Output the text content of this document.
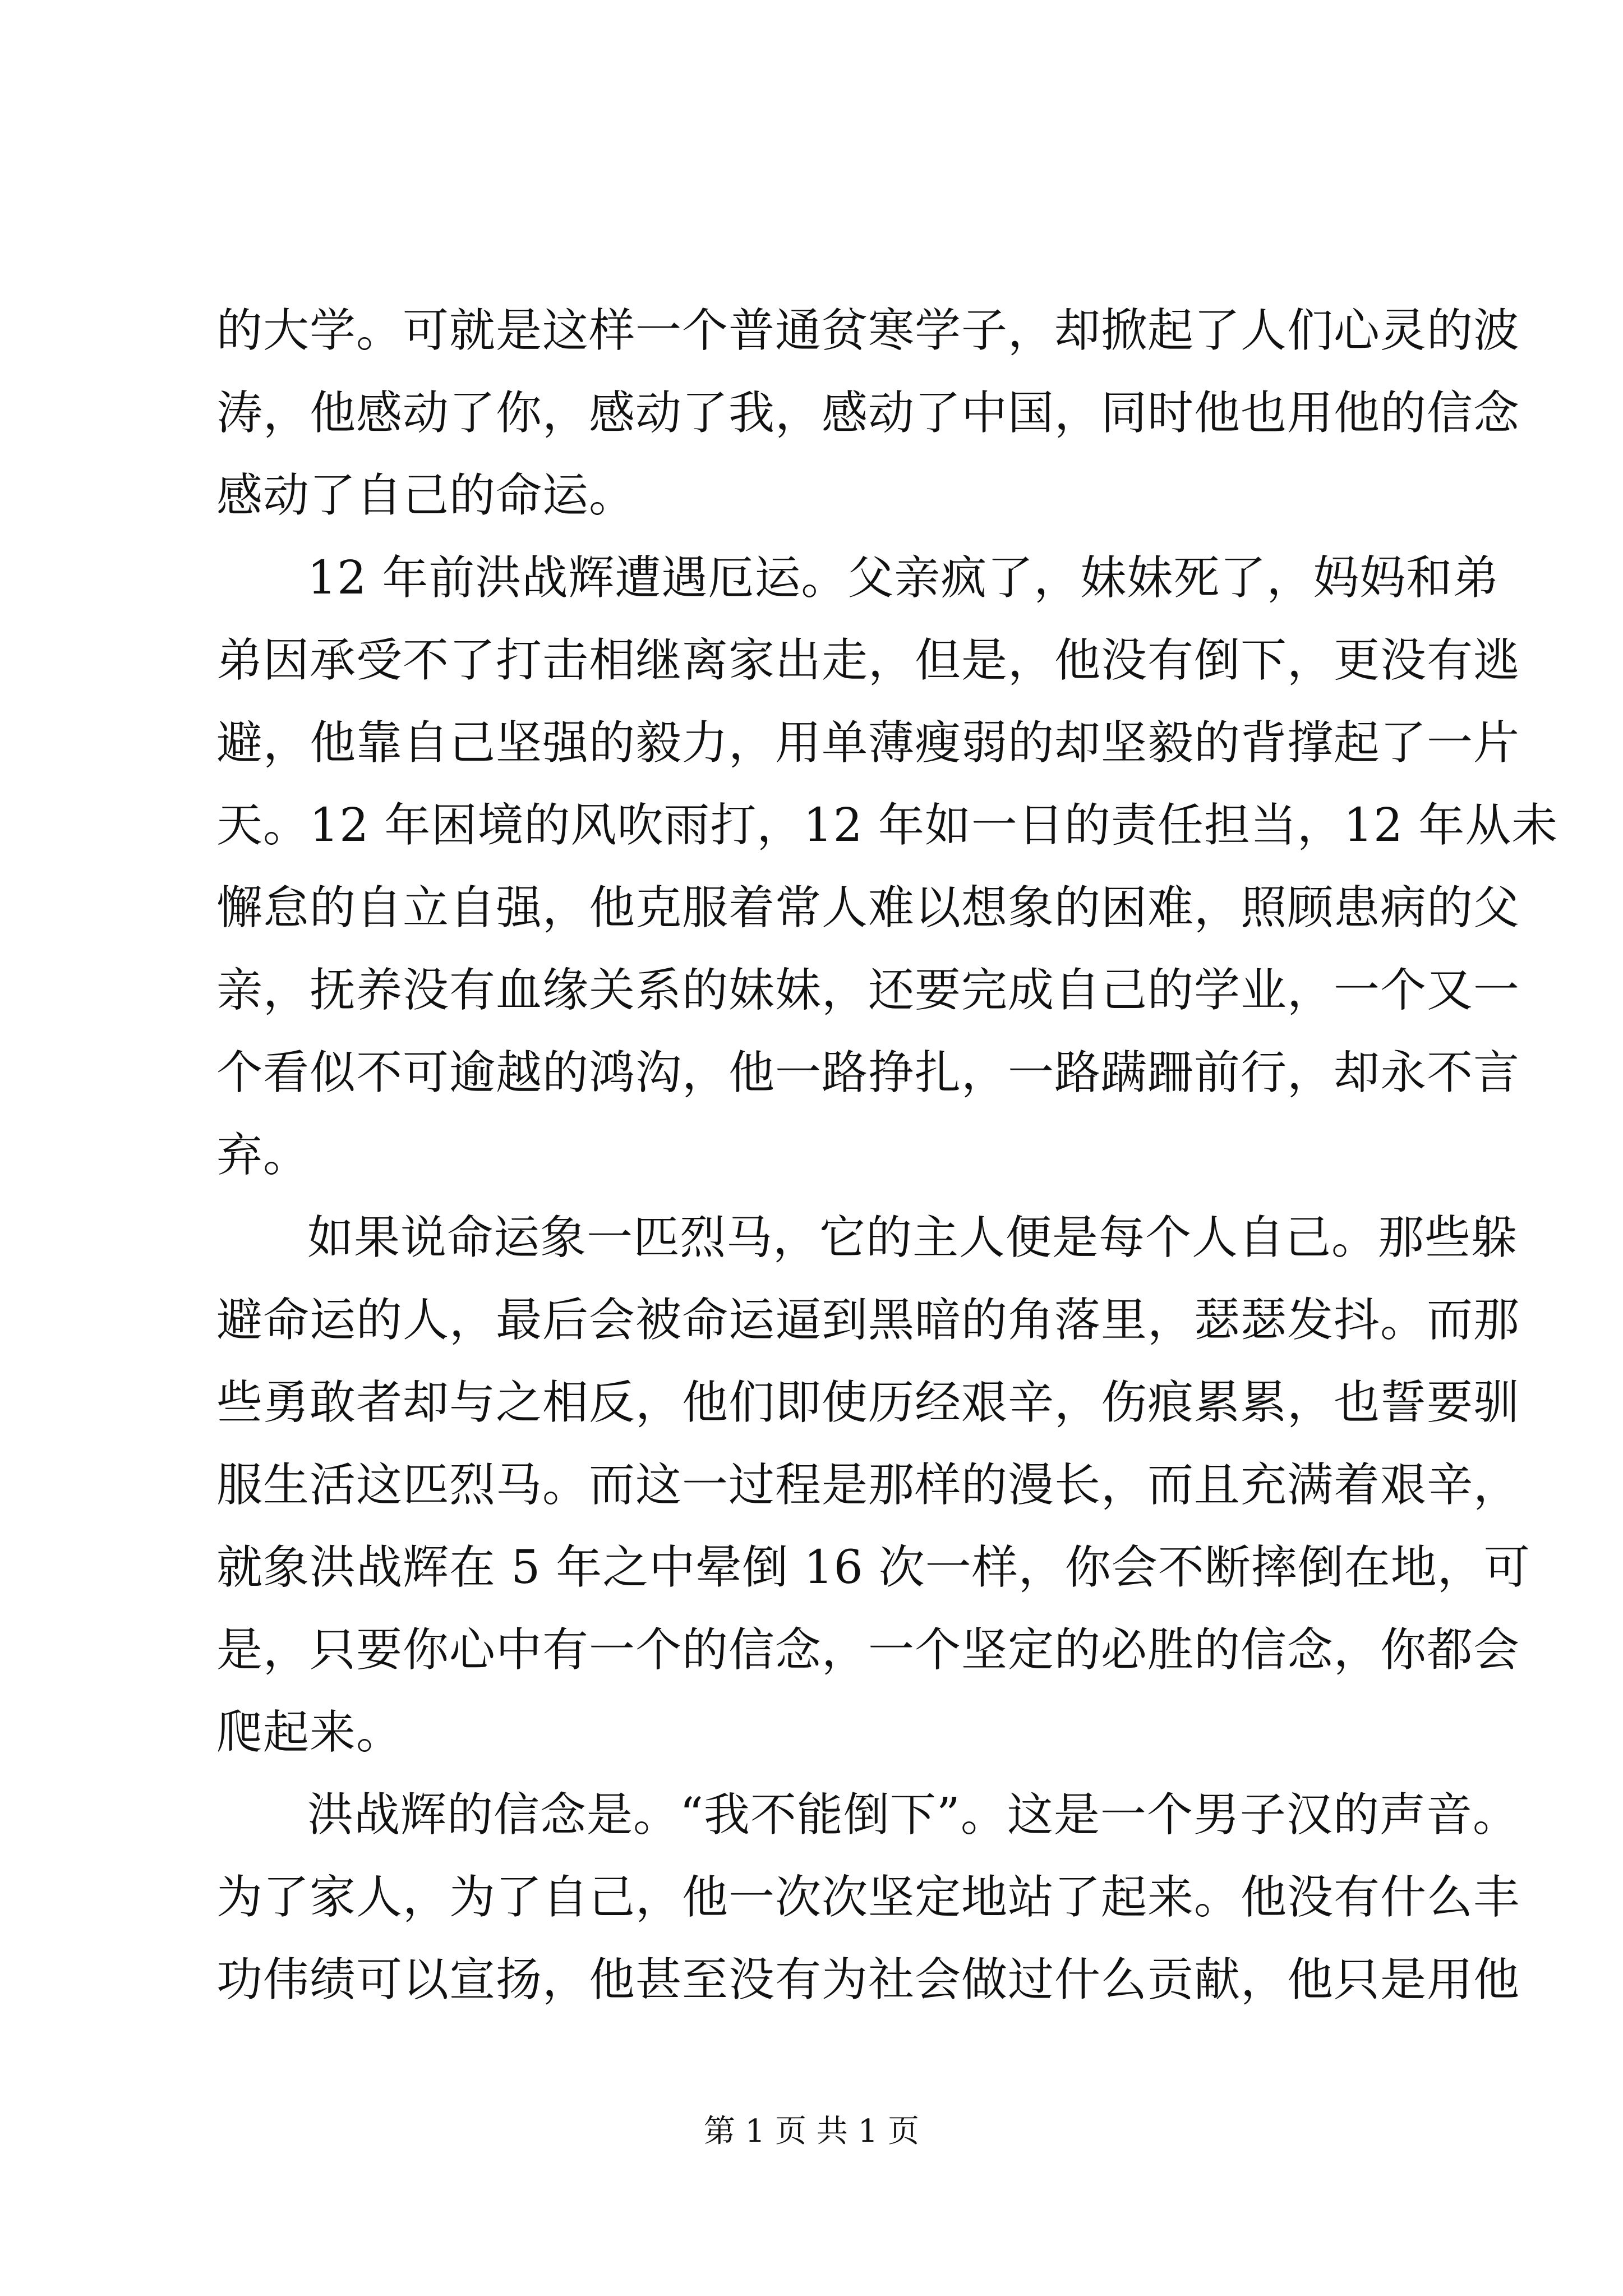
的大学。可就是这样一个普通贫寒学子，却掀起了人们心灵的波
涛，他感动了你，感动了我，感动了中国，同时他也用他的信念
感动了自己的命运。

12 年前洪战辉遭遇厄运。父亲疯了，妹妹死了，妈妈和弟
弟因承受不了打击相继离家出走，但是，他没有倒下，更没有逃
避，他靠自己坚强的毅力，用单薄瘦弱的却坚毅的背撑起了一片
天。12 年困境的风吹雨打，12 年如一日的责任担当，12 年从未
懈怠的自立自强，他克服着常人难以想象的困难，照顾患病的父
亲，抚养没有血缘关系的妹妹，还要完成自己的学业，一个又一
个看似不可逾越的鸿沟，他一路挣扎，一路蹒跚前行，却永不言
弃。

如果说命运象一匹烈马，它的主人便是每个人自己。那些躲
避命运的人，最后会被命运逼到黑暗的角落里，瑟瑟发抖。而那
些勇敢者却与之相反，他们即使历经艰辛，伤痕累累，也誓要驯
服生活这匹烈马。而这一过程是那样的漫长，而且充满着艰辛，
就象洪战辉在 5 年之中晕倒 16 次一样，你会不断摔倒在地，可
是，只要你心中有一个的信念，一个坚定的必胜的信念，你都会
爬起来。

洪战辉的信念是。“我不能倒下”。这是一个男子汉的声音。
为了家人，为了自己，他一次次坚定地站了起来。他没有什么丰
功伟绩可以宣扬，他甚至没有为社会做过什么贡献，他只是用他

第 1 页 共 1 页
